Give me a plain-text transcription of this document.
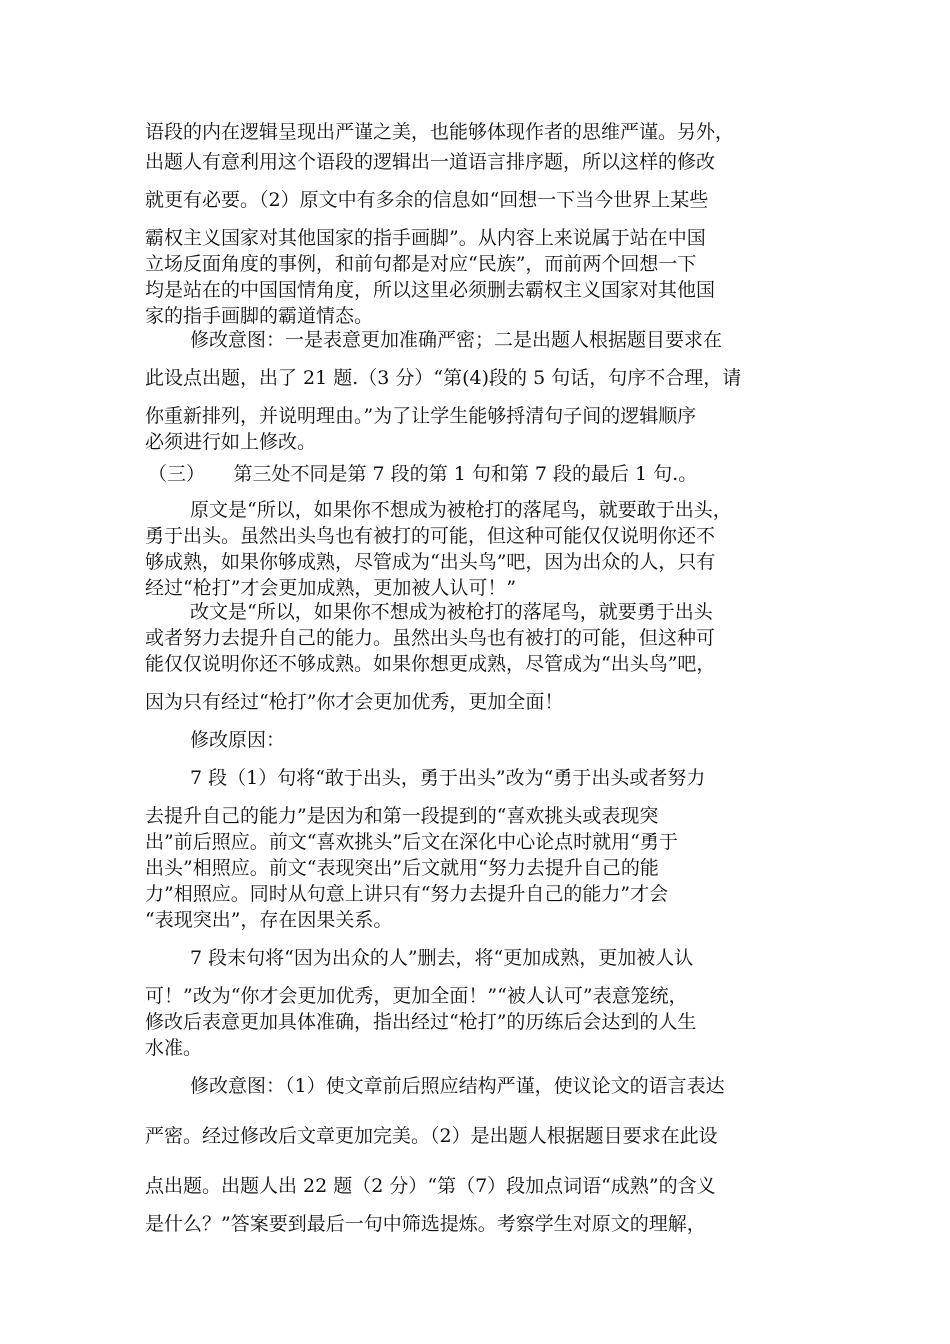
语段的内在逻辑呈现出严谨之美，也能够体现作者的思维严谨。另外，
出题人有意利用这个语段的逻辑出一道语言排序题，所以这样的修改
就更有必要。（2）原文中有多余的信息如“回想一下当今世界上某些
霸权主义国家对其他国家的指手画脚”。从内容上来说属于站在中国
立场反面角度的事例，和前句都是对应“民族”，而前两个回想一下
均是站在的中国国情角度，所以这里必须删去霸权主义国家对其他国
家的指手画脚的霸道情态。
修改意图：一是表意更加准确严密；二是出题人根据题目要求在
此设点出题，出了 21 题.（3 分）“第(4)段的 5 句话，句序不合理，请
你重新排列，并说明理由。”为了让学生能够捋清句子间的逻辑顺序
必须进行如上修改。
（三）　　第三处不同是第 7 段的第 1 句和第 7 段的最后 1 句.。
原文是“所以，如果你不想成为被枪打的落尾鸟，就要敢于出头，
勇于出头。虽然出头鸟也有被打的可能，但这种可能仅仅说明你还不
够成熟，如果你够成熟，尽管成为“出头鸟”吧，因为出众的人，只有
经过“枪打”才会更加成熟，更加被人认可！”
改文是“所以，如果你不想成为被枪打的落尾鸟，就要勇于出头
或者努力去提升自己的能力。虽然出头鸟也有被打的可能，但这种可
能仅仅说明你还不够成熟。如果你想更成熟，尽管成为“出头鸟”吧，
因为只有经过“枪打”你才会更加优秀，更加全面！
修改原因：
7 段（1）句将“敢于出头，勇于出头”改为“勇于出头或者努力
去提升自己的能力”是因为和第一段提到的“喜欢挑头或表现突
出”前后照应。前文“喜欢挑头”后文在深化中心论点时就用“勇于
出头”相照应。前文“表现突出”后文就用“努力去提升自己的能
力”相照应。同时从句意上讲只有“努力去提升自己的能力”才会
“表现突出”，存在因果关系。
7 段末句将“因为出众的人”删去，将“更加成熟，更加被人认
可！”改为“你才会更加优秀，更加全面！”“被人认可”表意笼统，
修改后表意更加具体准确，指出经过“枪打”的历练后会达到的人生
水准。
修改意图：（1）使文章前后照应结构严谨，使议论文的语言表达
严密。经过修改后文章更加完美。（2）是出题人根据题目要求在此设
点出题。出题人出 22 题（2 分）“第（7）段加点词语“成熟”的含义
是什么？”答案要到最后一句中筛选提炼。考察学生对原文的理解，
